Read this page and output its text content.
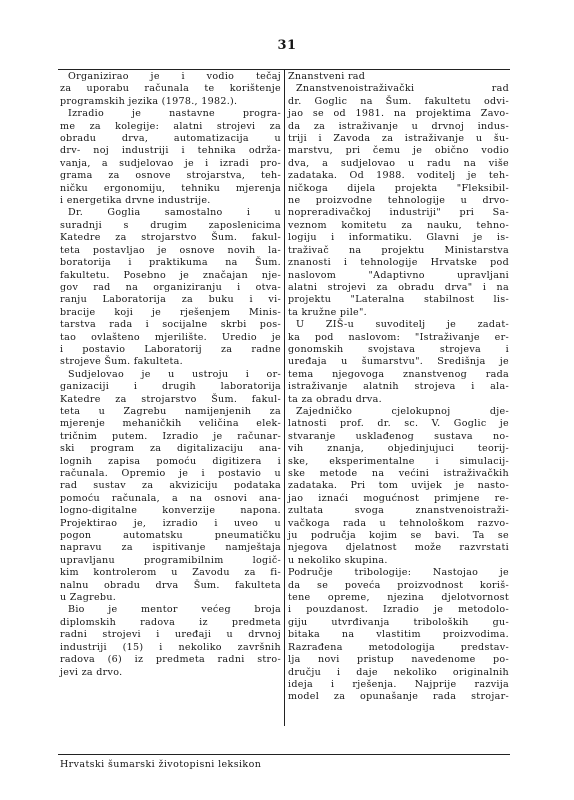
31
Organizirao je i vodio tečaj
za uporabu računala te korištenje
programskih jezika (1978., 1982.).
Izradio je nastavne progra-
me za kolegije: alatni strojevi za
obradu drva, automatizacija u
drv- noj industriji i tehnika održa-
vanja, a sudjelovao je i izradi pro-
grama za osnove strojarstva, teh-
ničku ergonomiju, tehniku mjerenja
i energetika drvne industrije.
Dr. Goglia samostalno i u
suradnji s drugim zaposlenicima
Katedre za strojarstvo Šum. fakul-
teta postavljao je osnove novih la-
boratorija i praktikuma na Šum.
fakultetu. Posebno je značajan nje-
gov rad na organiziranju i otva-
ranju Laboratorija za buku i vi-
bracije koji je rješenjem Minis-
tarstva rada i socijalne skrbi pos-
tao ovlašteno mjerilište. Uredio je
i postavio Laboratorij za radne
strojeve Šum. fakulteta.
Sudjelovao je u ustroju i or-
ganizaciji i drugih laboratorija
Katedre za strojarstvo Šum. fakul-
teta u Zagrebu namijenjenih za
mjerenje mehaničkih veličina elek-
tričnim putem. Izradio je računar-
ski program za digitalizaciju ana-
lognih zapisa pomoću digitizera i
računala. Opremio je i postavio u
rad sustav za akviziciju podataka
pomoću računala, a na osnovi ana-
logno-digitalne konverzije napona.
Projektirao je, izradio i uveo u
pogon automatsku pneumatičku
napravu za ispitivanje namještaja
upravljanu programibilnim logič-
kim kontrolerom u Zavodu za fi-
nalnu obradu drva Šum. fakulteta
u Zagrebu.
Bio je mentor većeg broja
diplomskih radova iz predmeta
radni strojevi i uređaji u drvnoj
industriji (15) i nekoliko završnih
radova (6) iz predmeta radni stro-
jevi za drvo.
Znanstveni rad
Znanstvenoistraživački rad
dr. Goglic na Šum. fakultetu odvi-
jao se od 1981. na projektima Zavo-
da za istraživanje u drvnoj indus-
triji i Zavoda za istraživanje u šu-
marstvu, pri čemu je obično vodio
dva, a sudjelovao u radu na više
zadataka. Od 1988. voditelj je teh-
ničkoga dijela projekta "Fleksibil-
ne proizvodne tehnologije u drvo-
nopreradivačkoj industriji" pri Sa-
veznom komitetu za nauku, tehno-
logiju i informatiku. Glavni je is-
traživač na projektu Ministarstva
znanosti i tehnologije Hrvatske pod
naslovom "Adaptivno upravljani
alatni strojevi za obradu drva" i na
projektu "Lateralna stabilnost lis-
ta kružne pile".
U ZIŠ-u suvoditelj je zadat-
ka pod naslovom: "Istraživanje er-
gonomskih svojstava strojeva i
uređaja u šumarstvu". Središnja je
tema njegovoga znanstvenog rada
istraživanje alatnih strojeva i ala-
ta za obradu drva.
Zajedničko cjelokupnoj dje-
latnosti prof. dr. sc. V. Goglic je
stvaranje usklađenog sustava no-
vih znanja, objedinjujuci teorij-
ske, eksperimentalne i simulacij-
ske metode na većini istraživačkih
zadataka. Pri tom uvijek je nasto-
jao iznaći mogućnost primjene re-
zultata svoga znanstvenoistraži-
vačkoga rada u tehnološkom razvo-
ju područja kojim se bavi. Ta se
njegova djelatnost može razvrstati
u nekoliko skupina.
Područje tribologije: Nastojao je
da se poveća proizvodnost koriš-
tene opreme, njezina djelotvornost
i pouzdanost. Izradio je metodolo-
giju utvrđivanja triboloških gu-
bitaka na vlastitim proizvodima.
Razrađena metodologija predstav-
lja novi pristup navedenome po-
dručju i daje nekoliko originalnih
ideja i rješenja. Najprije razvija
model za opunašanje rada strojar-
Hrvatski šumarski životopisni leksikon
